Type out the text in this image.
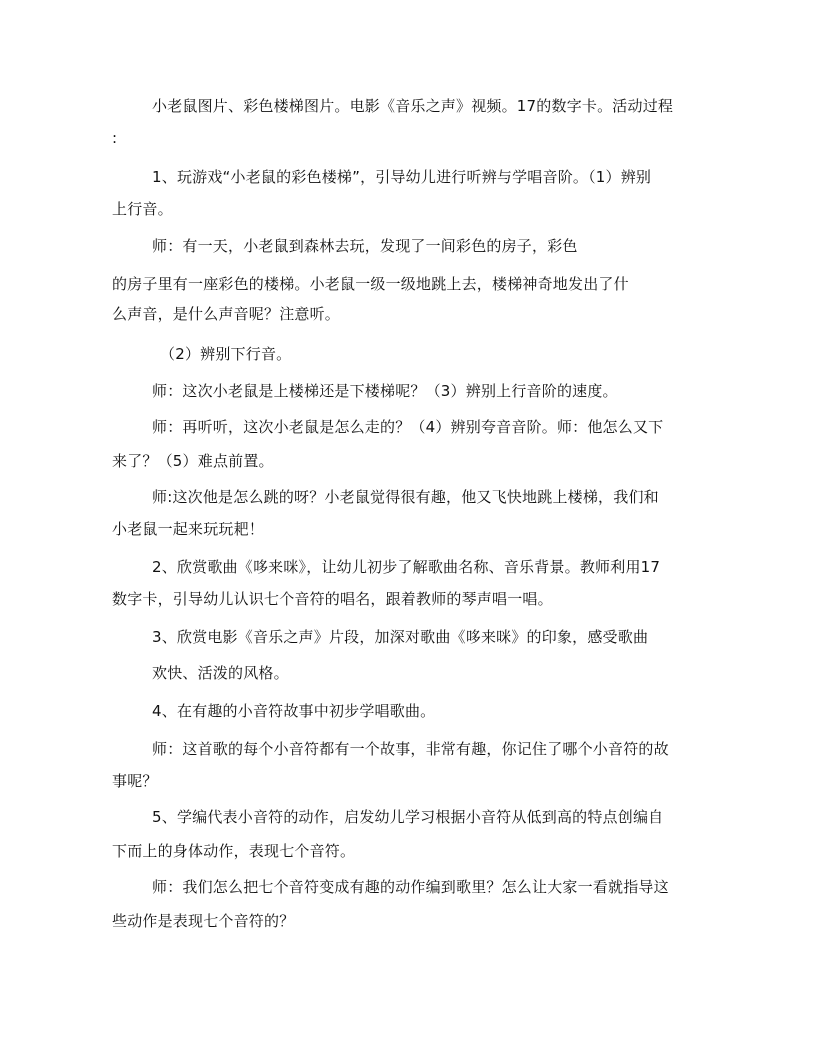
小老鼠图片、彩色楼梯图片。电影《音乐之声》视频。17的数字卡。活动过程
:
1、玩游戏“小老鼠的彩色楼梯”，引导幼儿进行听辨与学唱音阶。（1）辨别
上行音。
师：有一天，小老鼠到森林去玩，发现了一间彩色的房子，彩色
的房子里有一座彩色的楼梯。小老鼠一级一级地跳上去，楼梯神奇地发出了什
么声音，是什么声音呢？注意听。
（2）辨别下行音。
师：这次小老鼠是上楼梯还是下楼梯呢？（3）辨别上行音阶的速度。
师：再听听，这次小老鼠是怎么走的？（4）辨别夸音音阶。师：他怎么又下
来了？（5）难点前置。
师:这次他是怎么跳的呀？小老鼠觉得很有趣，他又飞快地跳上楼梯，我们和
小老鼠一起来玩玩耙！
2、欣赏歌曲《哆来咪》，让幼儿初步了解歌曲名称、音乐背景。教师利用17
数字卡，引导幼儿认识七个音符的唱名，跟着教师的琴声唱一唱。
3、欣赏电影《音乐之声》片段，加深对歌曲《哆来咪》的印象，感受歌曲
欢快、活泼的风格。
4、在有趣的小音符故事中初步学唱歌曲。
师：这首歌的每个小音符都有一个故事，非常有趣，你记住了哪个小音符的故
事呢？
5、学编代表小音符的动作，启发幼儿学习根据小音符从低到高的特点创编自
下而上的身体动作，表现七个音符。
师：我们怎么把七个音符变成有趣的动作编到歌里？怎么让大家一看就指导这
些动作是表现七个音符的？
